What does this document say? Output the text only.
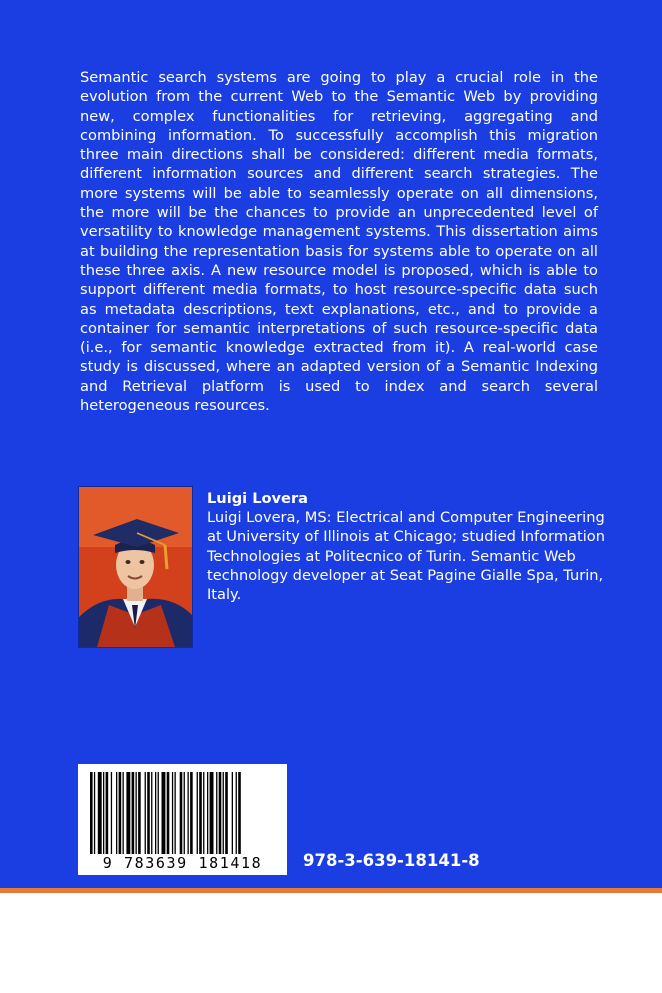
Semantic search systems are going to play a crucial role in the evolution from the current Web to the Semantic Web by providing new, complex functionalities for retrieving, aggregating and combining information. To successfully accomplish this migration three main directions shall be considered: different media formats, different information sources and different search strategies. The more systems will be able to seamlessly operate on all dimensions, the more will be the chances to provide an unprecedented level of versatility to knowledge management systems. This dissertation aims at building the representation basis for systems able to operate on all these three axis. A new resource model is proposed, which is able to support different media formats, to host resource-specific data such as metadata descriptions, text explanations, etc., and to provide a container for semantic interpretations of such resource-specific data (i.e., for semantic knowledge extracted from it). A real-world case study is discussed, where an adapted version of a Semantic Indexing and Retrieval platform is used to index and search several heterogeneous resources.

Luigi Lovera

Luigi Lovera, MS: Electrical and Computer Engineering at University of Illinois at Chicago; studied Information Technologies at Politecnico of Turin. Semantic Web technology developer at Seat Pagine Gialle Spa, Turin, Italy.

9 783639 181418	978-3-639-18141-8
